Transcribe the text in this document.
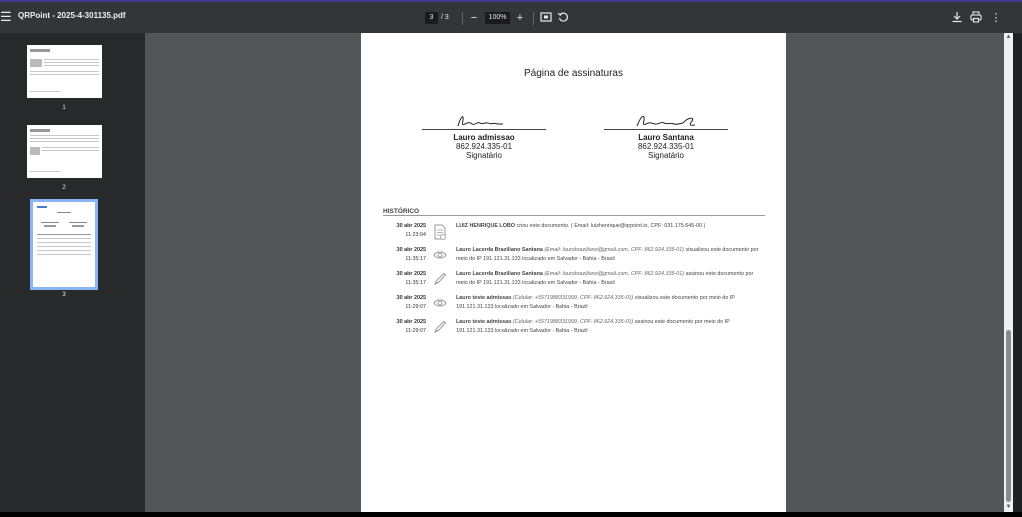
☰ QRPoint - 2025-4-301135.pdf	3	/ 3	−	100% +	⋮
1
2
3
Página de assinaturas
Lauro admissao
862.924.335-01
Signatário
Lauro Santana
862.924.335-01
Signatário
HISTÓRICO
30 abr 2025
11:23:04
LUIZ HENRIQUE LOBO criou este documento. ( Email: luizhenrique@qrpoint.io, CPF: 031.175.645-00 )
30 abr 2025
11:35:17
Lauro Lacerda Braziliano Santana (Email: laurobraziliano@gmail.com, CPF: 862.924.335-01) visualizou este documento por meio do IP 191.121.31.133 localizado em Salvador - Bahia - Brazil
30 abr 2025
11:35:17
Lauro Lacerda Braziliano Santana (Email: laurobraziliano@gmail.com, CPF: 862.924.335-01) assinou este documento por meio do IP 191.121.31.133 localizado em Salvador - Bahia - Brazil
30 abr 2025
11:29:07
Lauro teste admissao (Celular: +5571988331999, CPF: 862.924.335-01) visualizou este documento por meio do IP 191.121.31.133 localizado em Salvador - Bahia - Brazil
30 abr 2025
11:29:07
Lauro teste admissao (Celular: +5571988331999, CPF: 862.924.335-01) assinou este documento por meio do IP 191.121.31.133 localizado em Salvador - Bahia - Brazil
▲
▼
